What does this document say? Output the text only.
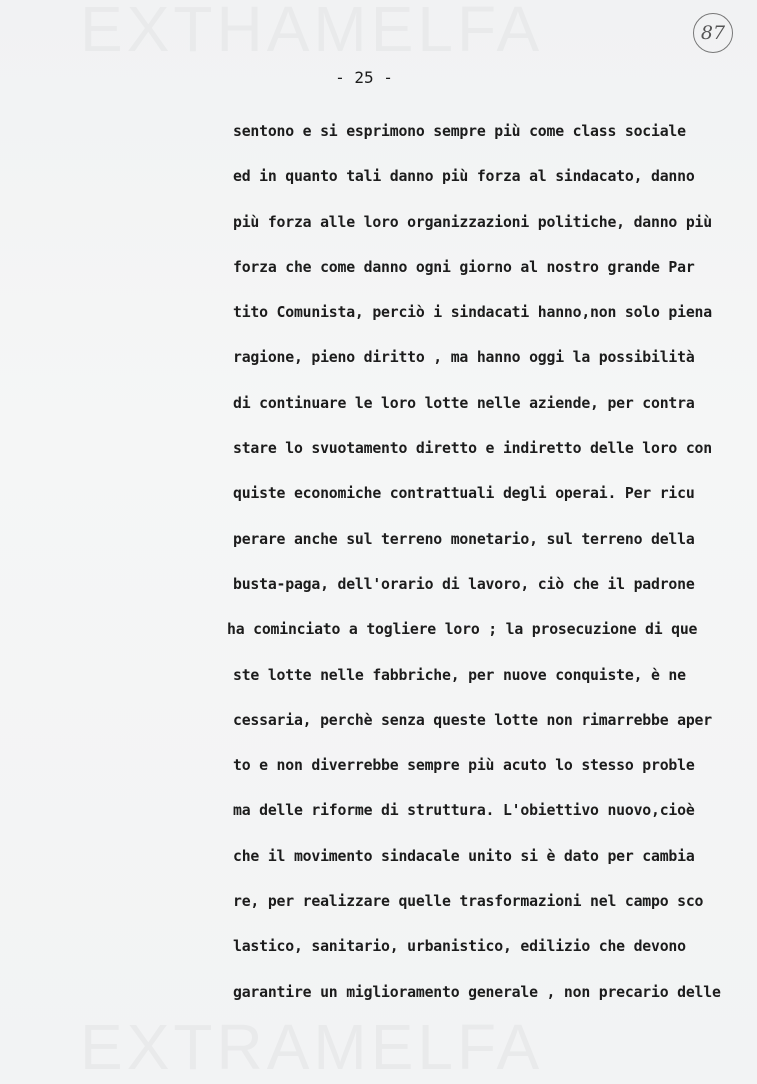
EXTHAMELFA
EXTRAMELFA
87
- 25 -
sentono e si esprimono sempre più come class sociale
ed in quanto tali danno più forza al sindacato, danno
più forza alle loro organizzazioni politiche, danno più
forza che come danno ogni giorno al nostro grande Par
tito Comunista, perciò i sindacati hanno,non solo piena
ragione, pieno diritto , ma hanno oggi la possibilità
di continuare le loro lotte nelle aziende, per contra
stare lo svuotamento diretto e indiretto delle loro con
quiste economiche contrattuali degli operai. Per ricu
perare anche sul terreno monetario, sul terreno della
busta-paga, dell'orario di lavoro, ciò che il padrone
ha cominciato a togliere loro ; la prosecuzione di que
ste lotte nelle fabbriche, per nuove conquiste, è ne
cessaria, perchè senza queste lotte non rimarrebbe aper
to e non diverrebbe sempre più acuto lo stesso proble
ma delle riforme di struttura. L'obiettivo nuovo,cioè
che il movimento sindacale unito si è dato per cambia
re, per realizzare quelle trasformazioni nel campo sco
lastico, sanitario, urbanistico, edilizio che devono
garantire un miglioramento generale , non precario delle
